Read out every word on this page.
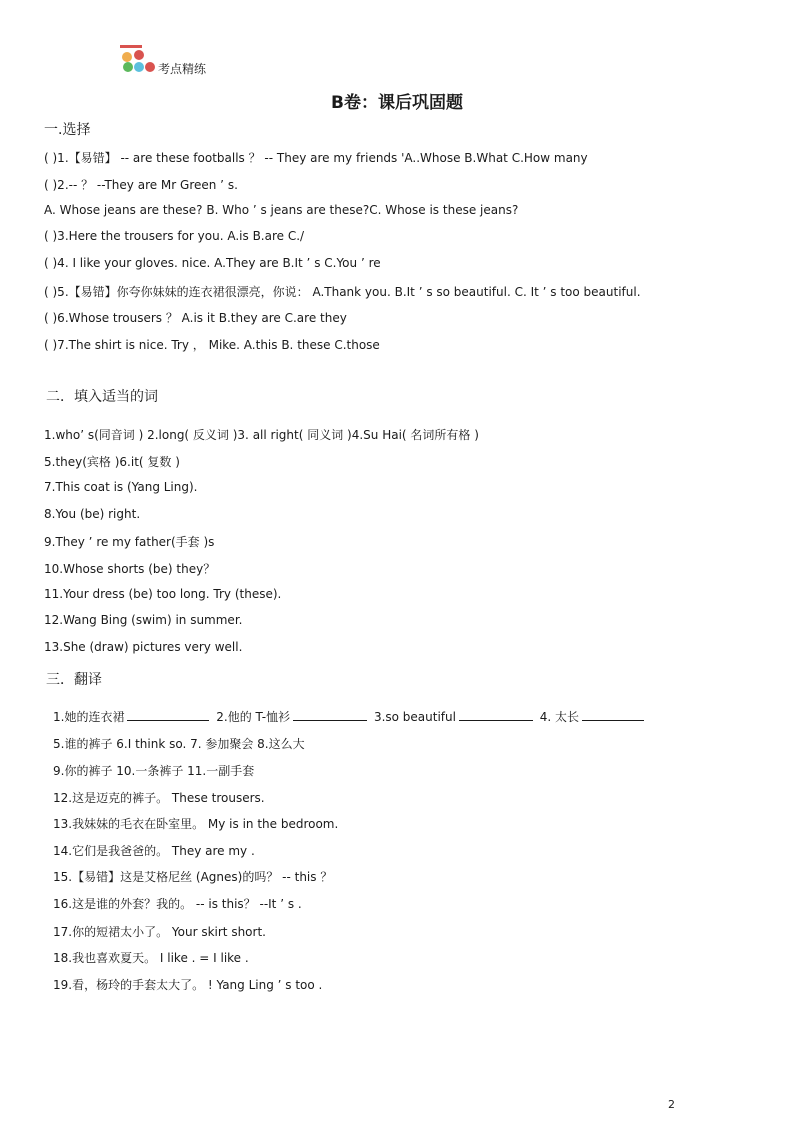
考点精练
B卷：课后巩固题
一.选择
( )1.【易错】 -- are these footballs ？ -- They are my friends 'A..Whose B.What C.How many
( )2.-- ？ --They are Mr Green ’ s.
A. Whose jeans are these? B. Who ’ s jeans are these?C. Whose is these jeans?
( )3.Here the trousers for you. A.is B.are C./
( )4. I like your gloves. nice. A.They are B.It ’ s C.You ’ re
( )5.【易错】你夸你妹妹的连衣裙很漂亮，你说： A.Thank you. B.It ’ s so beautiful. C. It ’ s too beautiful.
( )6.Whose trousers ？ A.is it B.they are C.are they
( )7.The shirt is nice. Try ， Mike. A.this B. these C.those
二．填入适当的词
1.who’ s(同音词 ) 2.long( 反义词 )3. all right( 同义词 )4.Su Hai( 名词所有格 )
5.they(宾格 )6.it( 复数 )
7.This coat is (Yang Ling).
8.You (be) right.
9.They ’ re my father(手套 )s
10.Whose shorts (be) they？
11.Your dress (be) too long. Try (these).
12.Wang Bing (swim) in summer.
13.She (draw) pictures very well.
三．翻译
1.她的连衣裙	2.他的 T-恤衫	3.so beautiful	4. 太长
5.谁的裤子 6.I think so. 7. 参加聚会 8.这么大
9.你的裤子 10.一条裤子 11.一副手套
12.这是迈克的裤子。 These trousers.
13.我妹妹的毛衣在卧室里。 My is in the bedroom.
14.它们是我爸爸的。 They are my .
15.【易错】这是艾格尼丝 (Agnes)的吗？ -- this ？
16.这是谁的外套？我的。 -- is this？ --It ’ s .
17.你的短裙太小了。 Your skirt short.
18.我也喜欢夏天。 I like . = I like .
19.看，杨玲的手套太大了。 ! Yang Ling ’ s too .
2
